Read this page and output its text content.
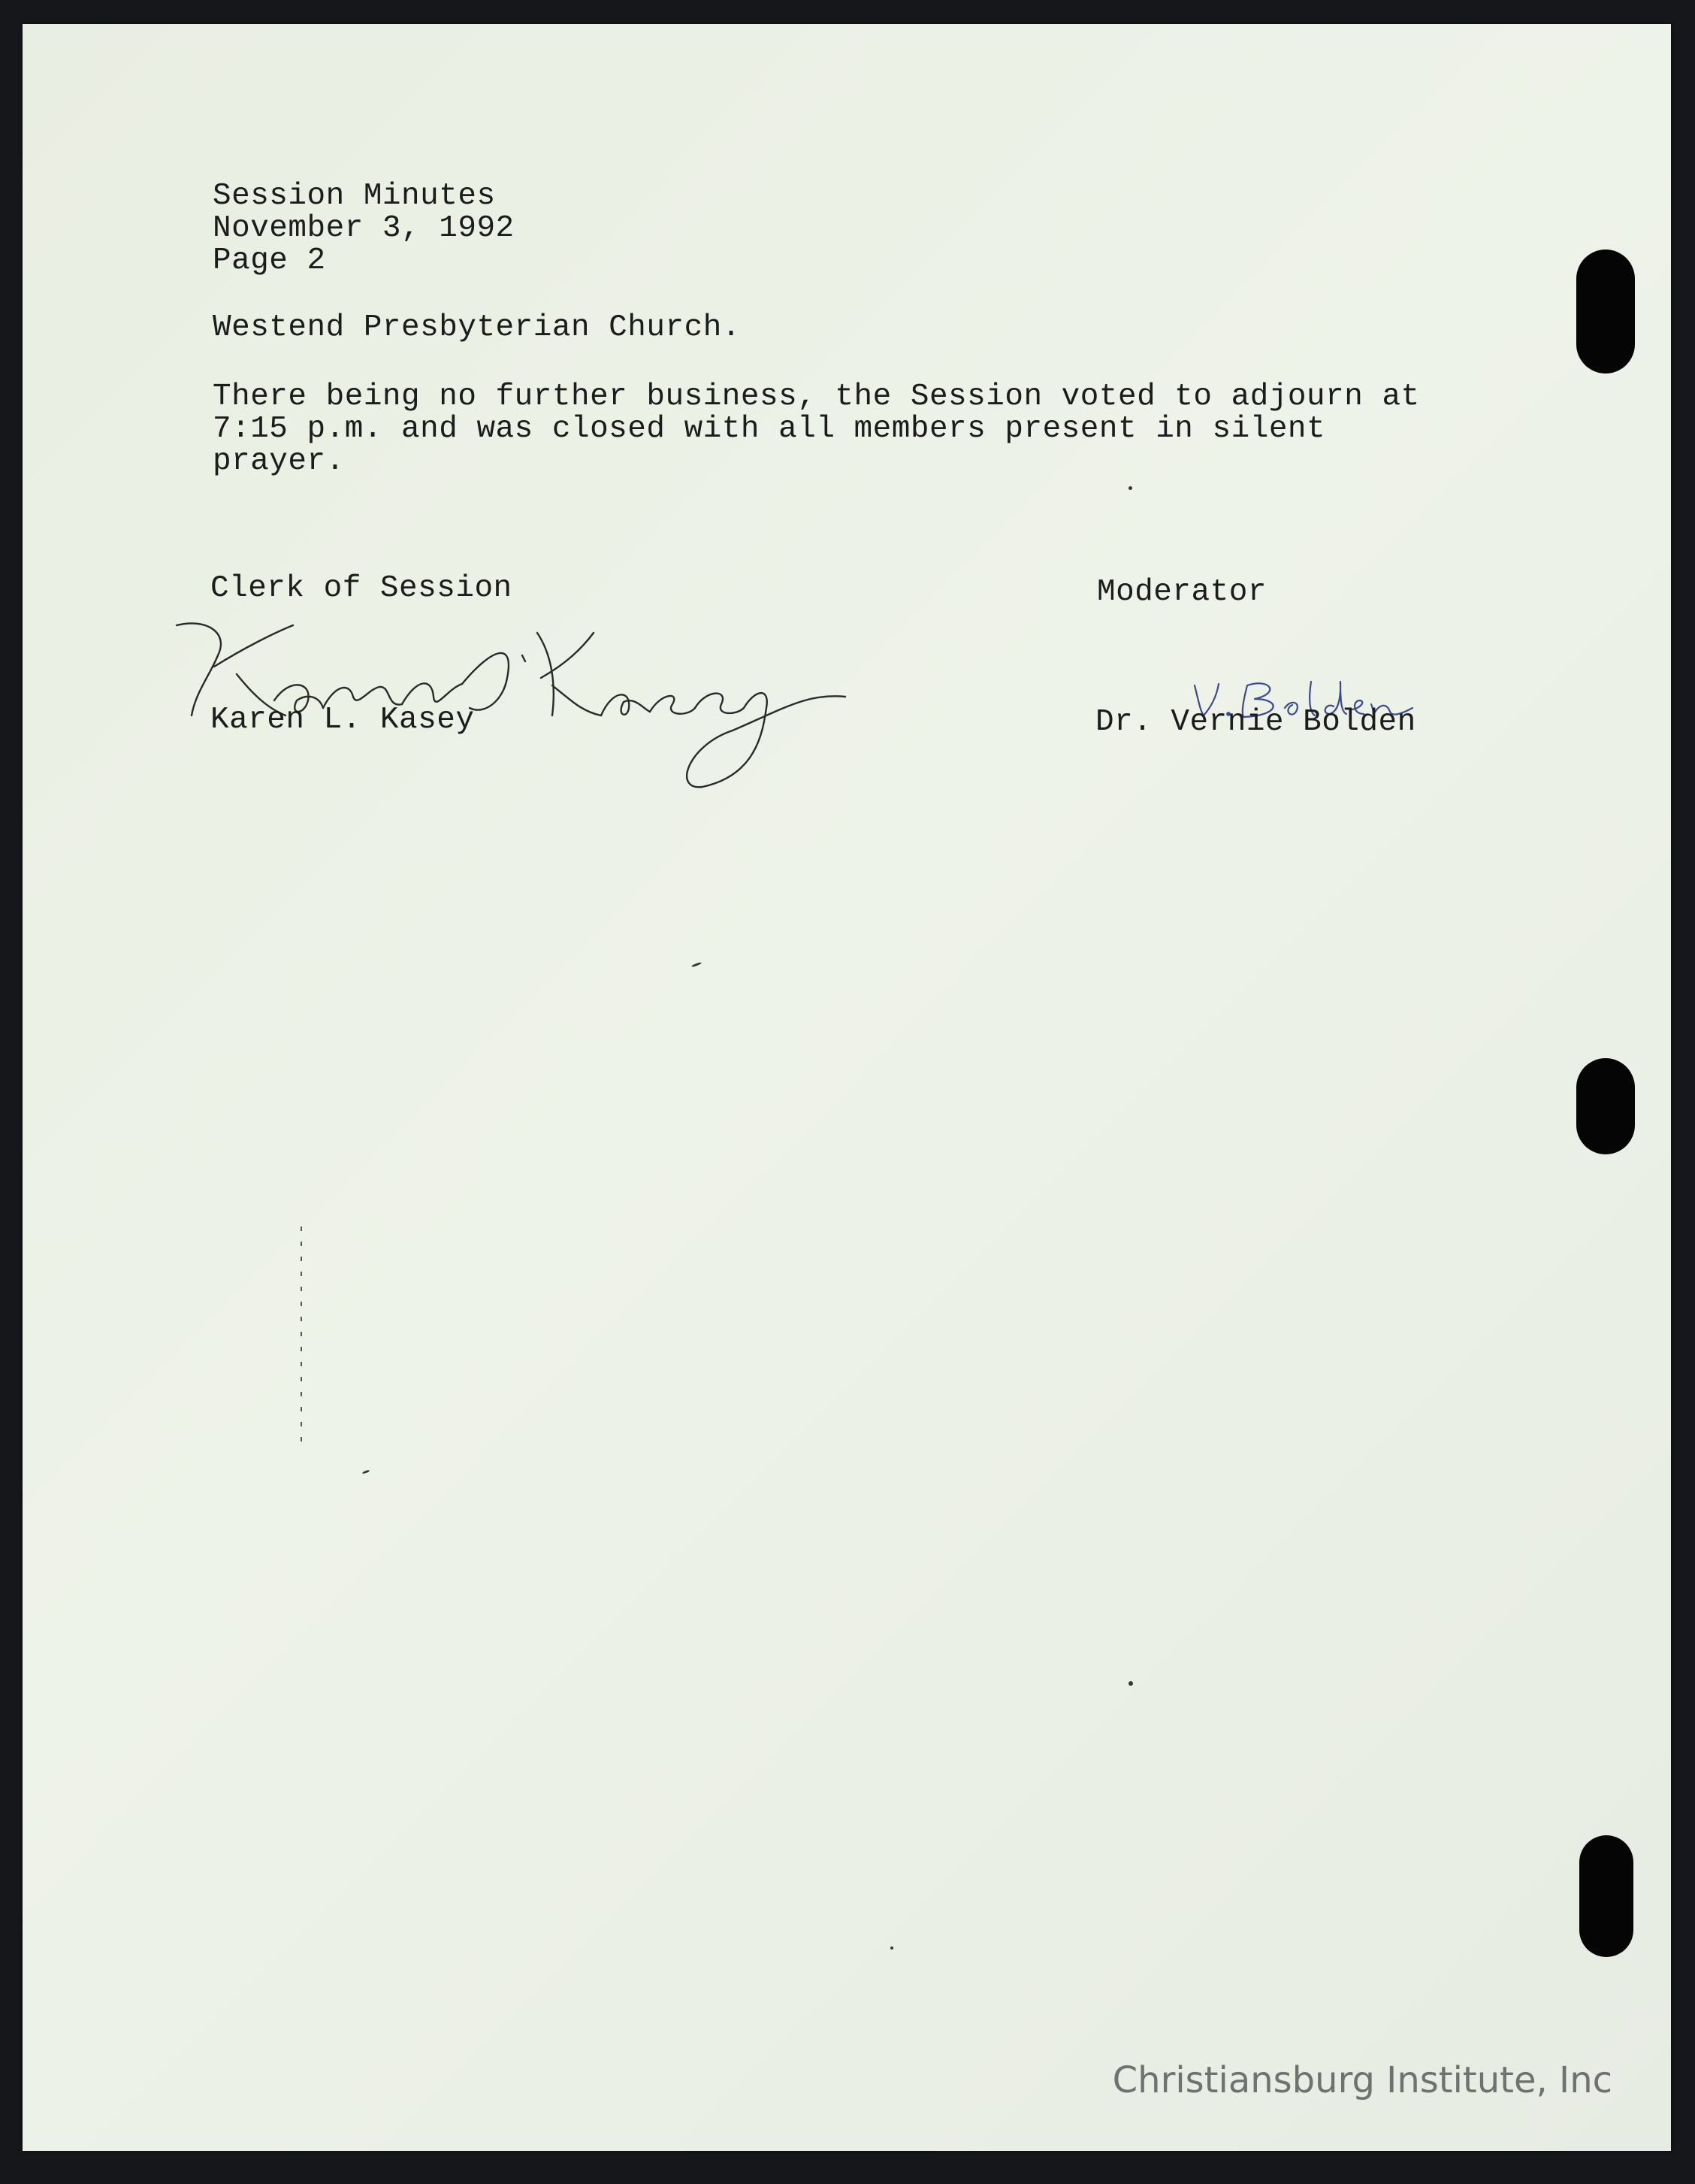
Session Minutes
November 3, 1992
Page 2
Westend Presbyterian Church.
There being no further business, the Session voted to adjourn at
7:15 p.m. and was closed with all members present in silent
prayer.
Clerk of Session	Moderator
Karen L. Kasey	Dr. Vernie Bolden
Christiansburg Institute, Inc
